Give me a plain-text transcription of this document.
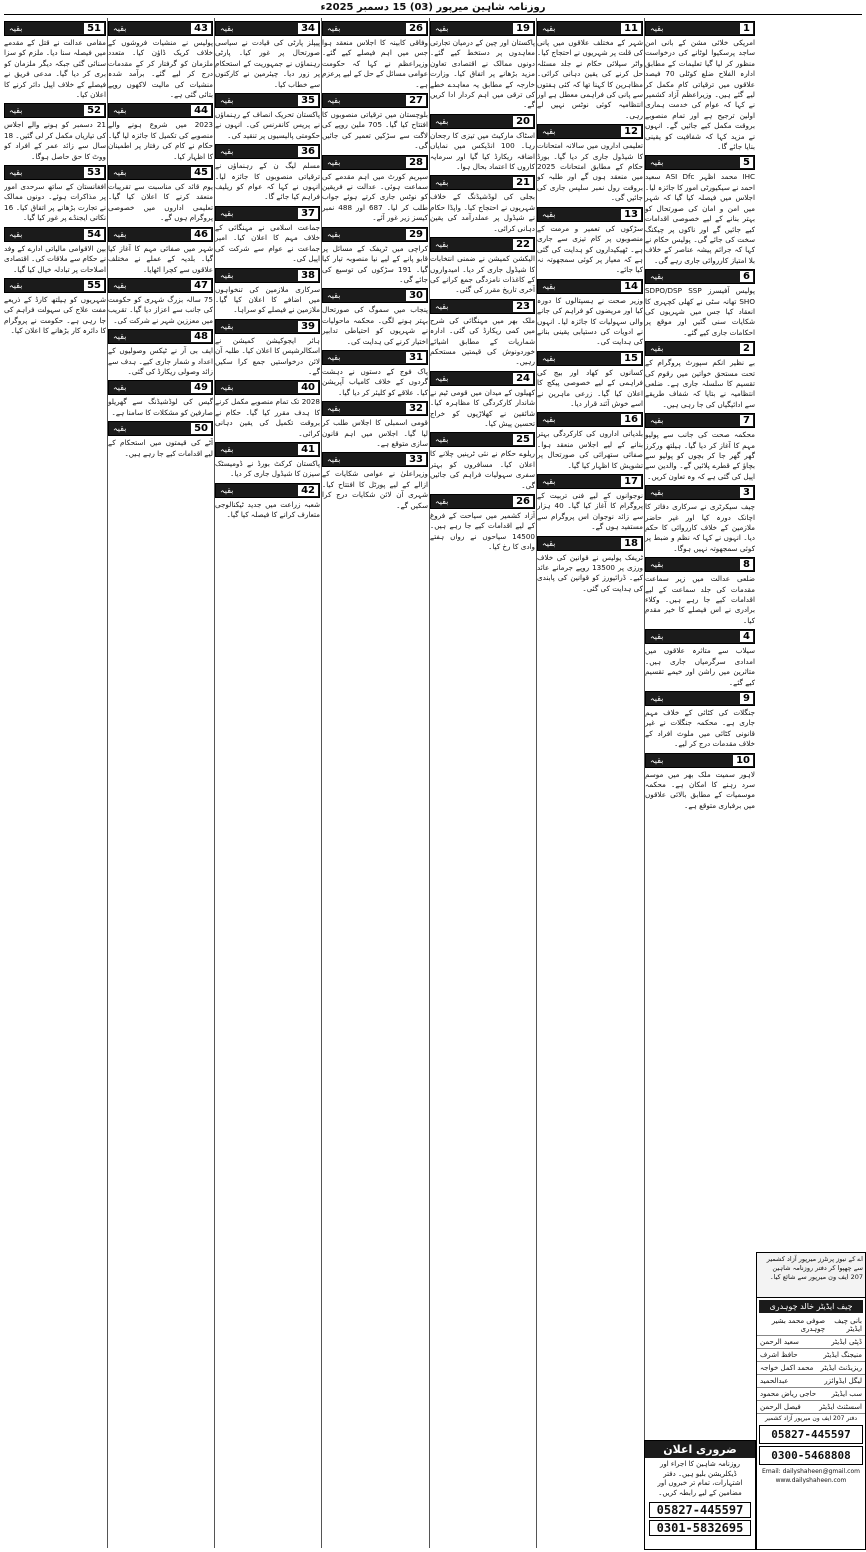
روزنامہ شاہین میرپور (03) 15 دسمبر 2025ء
1
بقیہ
امریکی خلائی مشن کے بانی امن ساجد پرسکیوا لوٹانے کی درخواست منظور کر لیا گیا تعلیمات کے مطابق ادارہ الفلاح ضلع کوٹلی 70 فیصد علاقوں میں ترقیاتی کام مکمل کر لیے گئے ہیں۔ وزیراعظم آزاد کشمیر نے کہا کہ عوام کی خدمت ہماری اولین ترجیح ہے اور تمام منصوبے بروقت مکمل کیے جائیں گے۔ انہوں نے مزید کہا کہ شفافیت کو یقینی بنایا جائے گا۔
5
بقیہ
IHC محمد اظہر ASI Dfc سعید احمد نے سیکیورٹی امور کا جائزہ لیا۔ اجلاس میں فیصلہ کیا گیا کہ شہر میں امن و امان کی صورتحال کو بہتر بنانے کے لیے خصوصی اقدامات کیے جائیں گے اور ناکوں پر چیکنگ سخت کی جائے گی۔ پولیس حکام نے کہا کہ جرائم پیشہ عناصر کے خلاف بلا امتیاز کارروائی جاری رہے گی۔
6
بقیہ
پولیس آفیسرز SDPO/DSP SSP SHO تھانہ سٹی نے کھلی کچہری کا انعقاد کیا جس میں شہریوں کی شکایات سنی گئیں اور موقع پر احکامات جاری کیے گئے۔
2
بقیہ
بے نظیر انکم سپورٹ پروگرام کے تحت مستحق خواتین میں رقوم کی تقسیم کا سلسلہ جاری ہے۔ ضلعی انتظامیہ نے بتایا کہ شفاف طریقے سے ادائیگیاں کی جا رہی ہیں۔
7
بقیہ
محکمہ صحت کی جانب سے پولیو مہم کا آغاز کر دیا گیا۔ ہیلتھ ورکرز گھر گھر جا کر بچوں کو پولیو سے بچاؤ کے قطرے پلائیں گے۔ والدین سے اپیل کی گئی ہے کہ وہ تعاون کریں۔
3
بقیہ
چیف سیکرٹری نے سرکاری دفاتر کا اچانک دورہ کیا اور غیر حاضر ملازمین کے خلاف کارروائی کا حکم دیا۔ انہوں نے کہا کہ نظم و ضبط پر کوئی سمجھوتہ نہیں ہوگا۔
8
بقیہ
ضلعی عدالت میں زیر سماعت مقدمات کی جلد سماعت کے لیے اقدامات کیے جا رہے ہیں۔ وکلاء برادری نے اس فیصلے کا خیر مقدم کیا۔
4
بقیہ
سیلاب سے متاثرہ علاقوں میں امدادی سرگرمیاں جاری ہیں۔ متاثرین میں راشن اور خیمے تقسیم کیے گئے۔
9
بقیہ
جنگلات کی کٹائی کے خلاف مہم جاری ہے۔ محکمہ جنگلات نے غیر قانونی کٹائی میں ملوث افراد کے خلاف مقدمات درج کر لیے۔
10
بقیہ
لاہور سمیت ملک بھر میں موسم سرد رہنے کا امکان ہے۔ محکمہ موسمیات کے مطابق بالائی علاقوں میں برفباری متوقع ہے۔
11
بقیہ
شہر کے مختلف علاقوں میں پانی کی قلت پر شہریوں نے احتجاج کیا۔ واٹر سپلائی حکام نے جلد مسئلہ حل کرنے کی یقین دہانی کرائی۔ مظاہرین کا کہنا تھا کہ کئی ہفتوں سے پانی کی فراہمی معطل ہے اور انتظامیہ کوئی نوٹس نہیں لے رہی۔
12
بقیہ
تعلیمی اداروں میں سالانہ امتحانات کا شیڈول جاری کر دیا گیا۔ بورڈ حکام کے مطابق امتحانات 2025 میں منعقد ہوں گے اور طلبہ کو بروقت رول نمبر سلپس جاری کی جائیں گی۔
13
بقیہ
سڑکوں کی تعمیر و مرمت کے منصوبوں پر کام تیزی سے جاری ہے۔ ٹھیکیداروں کو ہدایت کی گئی ہے کہ معیار پر کوئی سمجھوتہ نہ کیا جائے۔
14
بقیہ
وزیر صحت نے ہسپتالوں کا دورہ کیا اور مریضوں کو فراہم کی جانے والی سہولیات کا جائزہ لیا۔ انہوں نے ادویات کی دستیابی یقینی بنانے کی ہدایت کی۔
15
بقیہ
کسانوں کو کھاد اور بیج کی فراہمی کے لیے خصوصی پیکج کا اعلان کیا گیا۔ زرعی ماہرین نے اسے خوش آئند قرار دیا۔
16
بقیہ
بلدیاتی اداروں کی کارکردگی بہتر بنانے کے لیے اجلاس منعقد ہوا۔ صفائی ستھرائی کی صورتحال پر تشویش کا اظہار کیا گیا۔
17
بقیہ
نوجوانوں کے لیے فنی تربیت کے پروگرام کا آغاز کیا گیا۔ 40 ہزار سے زائد نوجوان اس پروگرام سے مستفید ہوں گے۔
18
بقیہ
ٹریفک پولیس نے قوانین کی خلاف ورزی پر 13500 روپے جرمانے عائد کیے۔ ڈرائیورز کو قوانین کی پابندی کی ہدایت کی گئی۔
19
بقیہ
پاکستان اور چین کے درمیان تجارتی معاہدوں پر دستخط کیے گئے۔ دونوں ممالک نے اقتصادی تعاون مزید بڑھانے پر اتفاق کیا۔ وزارت خارجہ کے مطابق یہ معاہدے خطے کی ترقی میں اہم کردار ادا کریں گے۔
20
بقیہ
اسٹاک مارکیٹ میں تیزی کا رجحان رہا۔ 100 انڈیکس میں نمایاں اضافہ ریکارڈ کیا گیا اور سرمایہ کاروں کا اعتماد بحال ہوا۔
21
بقیہ
بجلی کی لوڈشیڈنگ کے خلاف شہریوں نے احتجاج کیا۔ واپڈا حکام نے شیڈول پر عملدرآمد کی یقین دہانی کرائی۔
22
بقیہ
الیکشن کمیشن نے ضمنی انتخابات کا شیڈول جاری کر دیا۔ امیدواروں کے کاغذات نامزدگی جمع کرانے کی آخری تاریخ مقرر کی گئی۔
23
بقیہ
ملک بھر میں مہنگائی کی شرح میں کمی ریکارڈ کی گئی۔ ادارہ شماریات کے مطابق اشیائے خوردونوش کی قیمتیں مستحکم رہیں۔
24
بقیہ
کھیلوں کے میدان میں قومی ٹیم نے شاندار کارکردگی کا مظاہرہ کیا۔ شائقین نے کھلاڑیوں کو خراج تحسین پیش کیا۔
25
بقیہ
ریلوے حکام نے نئی ٹرینیں چلانے کا اعلان کیا۔ مسافروں کو بہتر سفری سہولیات فراہم کی جائیں گی۔
26
بقیہ
آزاد کشمیر میں سیاحت کے فروغ کے لیے اقدامات کیے جا رہے ہیں۔ 14500 سیاحوں نے رواں ہفتے وادی کا رخ کیا۔
26
بقیہ
وفاقی کابینہ کا اجلاس منعقد ہوا جس میں اہم فیصلے کیے گئے۔ وزیراعظم نے کہا کہ حکومت عوامی مسائل کے حل کے لیے پرعزم ہے۔
27
بقیہ
بلوچستان میں ترقیاتی منصوبوں کا افتتاح کیا گیا۔ 705 ملین روپے کی لاگت سے سڑکیں تعمیر کی جائیں گی۔
28
بقیہ
سپریم کورٹ میں اہم مقدمے کی سماعت ہوئی۔ عدالت نے فریقین کو نوٹس جاری کرتے ہوئے جواب طلب کر لیا۔ 687 اور 488 نمبر کیسز زیر غور آئے۔
29
بقیہ
کراچی میں ٹریفک کے مسائل پر قابو پانے کے لیے نیا منصوبہ تیار کیا گیا۔ 191 سڑکوں کی توسیع کی جائے گی۔
30
بقیہ
پنجاب میں سموگ کی صورتحال بہتر ہونے لگی۔ محکمہ ماحولیات نے شہریوں کو احتیاطی تدابیر اختیار کرنے کی ہدایت کی۔
31
بقیہ
پاک فوج کے دستوں نے دہشت گردوں کے خلاف کامیاب آپریشن کیا۔ علاقے کو کلیئر کر دیا گیا۔
32
بقیہ
قومی اسمبلی کا اجلاس طلب کر لیا گیا۔ اجلاس میں اہم قانون سازی متوقع ہے۔
33
بقیہ
وزیراعلیٰ نے عوامی شکایات کے ازالے کے لیے پورٹل کا افتتاح کیا۔ شہری آن لائن شکایات درج کرا سکیں گے۔
34
بقیہ
پیپلز پارٹی کی قیادت نے سیاسی صورتحال پر غور کیا۔ پارٹی رہنماؤں نے جمہوریت کے استحکام پر زور دیا۔ چیئرمین نے کارکنوں سے خطاب کیا۔
35
بقیہ
پاکستان تحریک انصاف کے رہنماؤں نے پریس کانفرنس کی۔ انہوں نے حکومتی پالیسیوں پر تنقید کی۔
36
بقیہ
مسلم لیگ ن کے رہنماؤں نے ترقیاتی منصوبوں کا جائزہ لیا۔ انہوں نے کہا کہ عوام کو ریلیف فراہم کیا جائے گا۔
37
بقیہ
جماعت اسلامی نے مہنگائی کے خلاف مہم کا اعلان کیا۔ امیر جماعت نے عوام سے شرکت کی اپیل کی۔
38
بقیہ
سرکاری ملازمین کی تنخواہوں میں اضافے کا اعلان کیا گیا۔ ملازمین نے فیصلے کو سراہا۔
39
بقیہ
ہائر ایجوکیشن کمیشن نے اسکالرشپس کا اعلان کیا۔ طلبہ آن لائن درخواستیں جمع کرا سکیں گے۔
40
بقیہ
2028 تک تمام منصوبے مکمل کرنے کا ہدف مقرر کیا گیا۔ حکام نے بروقت تکمیل کی یقین دہانی کرائی۔
41
بقیہ
پاکستان کرکٹ بورڈ نے ڈومیسٹک سیزن کا شیڈول جاری کر دیا۔
42
بقیہ
شعبہ زراعت میں جدید ٹیکنالوجی متعارف کرانے کا فیصلہ کیا گیا۔
43
بقیہ
پولیس نے منشیات فروشوں کے خلاف کریک ڈاؤن کیا۔ متعدد ملزمان کو گرفتار کر کے مقدمات درج کر لیے گئے۔ برآمد شدہ منشیات کی مالیت لاکھوں روپے بتائی گئی ہے۔
44
بقیہ
2023 میں شروع ہونے والے منصوبے کی تکمیل کا جائزہ لیا گیا۔ حکام نے کام کی رفتار پر اطمینان کا اظہار کیا۔
45
بقیہ
یوم قائد کی مناسبت سے تقریبات منعقد کرنے کا اعلان کیا گیا۔ تعلیمی اداروں میں خصوصی پروگرام ہوں گے۔
46
بقیہ
شہر میں صفائی مہم کا آغاز کیا گیا۔ بلدیہ کے عملے نے مختلف علاقوں سے کچرا اٹھایا۔
47
بقیہ
75 سالہ بزرگ شہری کو حکومت کی جانب سے اعزاز دیا گیا۔ تقریب میں معززین شہر نے شرکت کی۔
48
بقیہ
ایف بی آر نے ٹیکس وصولیوں کے اعداد و شمار جاری کیے۔ ہدف سے زائد وصولی ریکارڈ کی گئی۔
49
بقیہ
گیس کی لوڈشیڈنگ سے گھریلو صارفین کو مشکلات کا سامنا ہے۔
50
بقیہ
آٹے کی قیمتوں میں استحکام کے لیے اقدامات کیے جا رہے ہیں۔
51
بقیہ
مقامی عدالت نے قتل کے مقدمے میں فیصلہ سنا دیا۔ ملزم کو سزا سنائی گئی جبکہ دیگر ملزمان کو بری کر دیا گیا۔ مدعی فریق نے فیصلے کے خلاف اپیل دائر کرنے کا اعلان کیا۔
52
بقیہ
21 دسمبر کو ہونے والے اجلاس کی تیاریاں مکمل کر لی گئیں۔ 18 سال سے زائد عمر کے افراد کو ووٹ کا حق حاصل ہوگا۔
53
بقیہ
افغانستان کے ساتھ سرحدی امور پر مذاکرات ہوئے۔ دونوں ممالک نے تجارت بڑھانے پر اتفاق کیا۔ 16 نکاتی ایجنڈے پر غور کیا گیا۔
54
بقیہ
بین الاقوامی مالیاتی ادارے کے وفد نے حکام سے ملاقات کی۔ اقتصادی اصلاحات پر تبادلہ خیال کیا گیا۔
55
بقیہ
شہریوں کو ہیلتھ کارڈ کے ذریعے مفت علاج کی سہولت فراہم کی جا رہی ہے۔ حکومت نے پروگرام کا دائرہ کار بڑھانے کا اعلان کیا۔
ضروری اعلان
روزنامہ شاہین کا اجراء اور ڈیکلریشن بلیو ہیں۔ دفتر اشتہارات، تمام تر خبروں اور مضامین کے لیے رابطہ کریں۔
05827-445597
0301-5832695
اے کے نیوز پرنٹرز میرپور آزاد کشمیر سے چھپوا کر دفتر روزنامہ شاہین 207 ایف ون میرپور سے شائع کیا۔
چیف ایڈیٹر خالد چوہدری
بانی چیف ایڈیٹر
صوفی محمد بشیر چوہدری
ڈپٹی ایڈیٹر
سعید الرحمن
منیجنگ ایڈیٹر
حافظ اشرف
ریزیڈنٹ ایڈیٹر
محمد اکمل خواجہ
لیگل ایڈوائزر
عبدالحمید
سب ایڈیٹر
حاجی ریاض محمود
اسسٹنٹ ایڈیٹر
فیصل الرحمن
دفتر 207 ایف ون میرپور آزاد کشمیر
05827-445597
0300-5468808
Email: dailyshaheen@gmail.com
www.dailyshaheen.com
